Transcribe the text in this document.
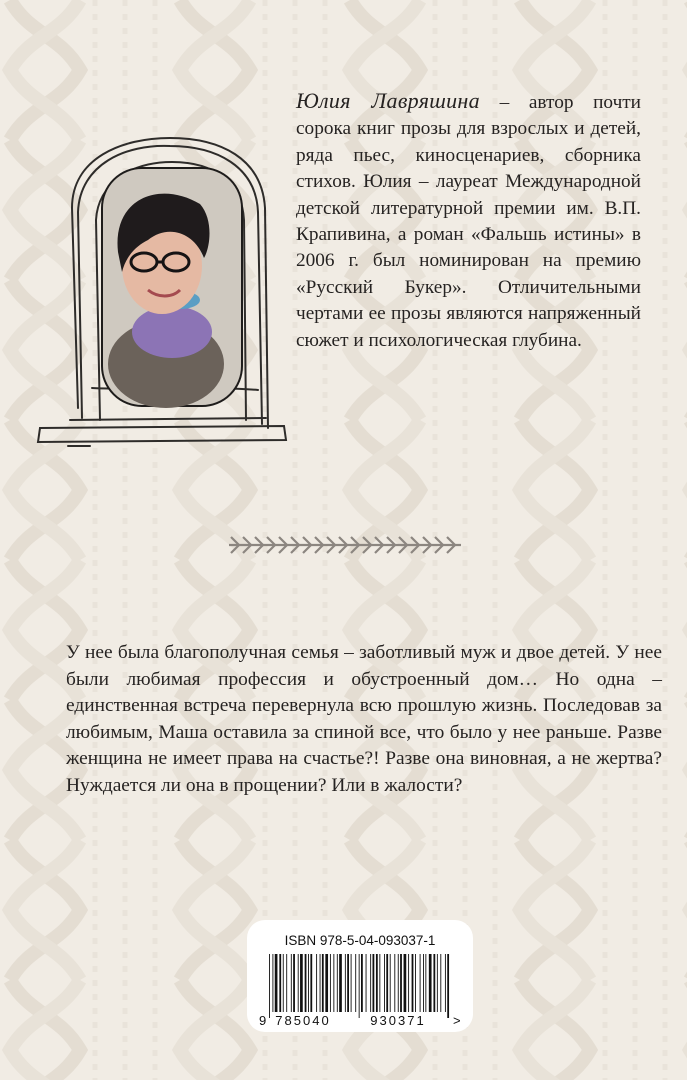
Юлия Лавряшина – автор почти сорока книг прозы для взрослых и детей, ряда пьес, киносценариев, сборника стихов. Юлия – лауреат Международной детской литературной премии им. В.П. Крапивина, а роман «Фальшь истины» в 2006 г. был номинирован на премию «Русский Букер». Отличительными чертами ее прозы являются напряженный сюжет и психологическая глубина.
У нее была благополучная семья – заботливый муж и двое детей. У нее были любимая профессия и обустроенный дом… Но одна – единственная встреча перевернула всю прошлую жизнь. Последовав за любимым, Маша оставила за спиной все, что было у нее раньше. Разве женщина не имеет права на счастье?! Разве она виновная, а не жертва? Нуждается ли она в прощении? Или в жалости?
ISBN 978-5-04-093037-1
9 785040	930371 >
